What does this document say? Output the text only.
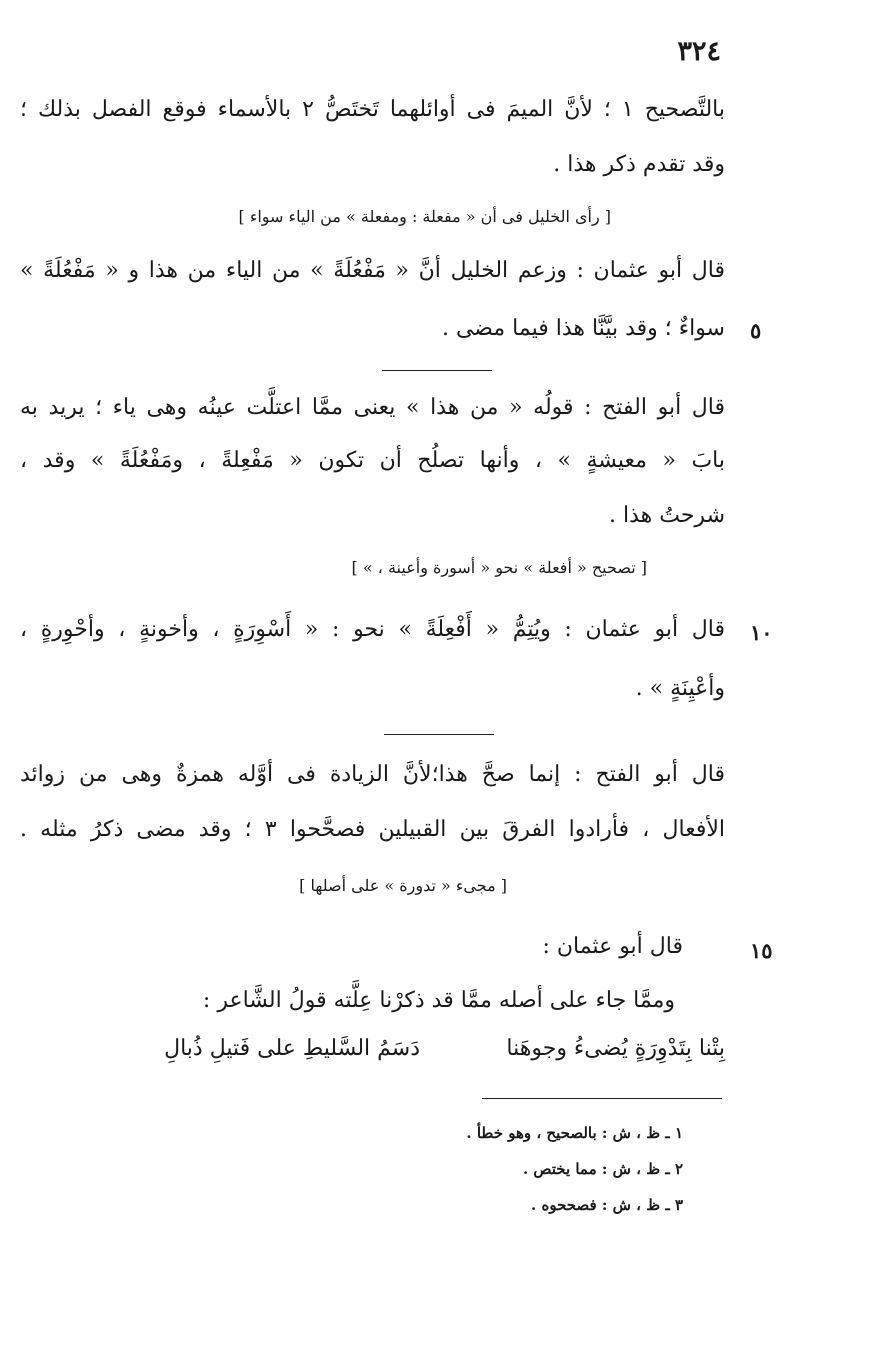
٣٢٤
بالتَّصحيح ١ ؛ لأنَّ الميمَ فى أوائلهما تَختَصُّ ٢ بالأسماء فوقع الفصل بذلك ؛
وقد تقدم ذكر هذا .
[ رأى الخليل فى أن « مفعلة : ومفعلة » من الياء سواء ]
قال أبو عثمان : وزعم الخليل أنَّ « مَفْعُلَةً » من الياء من هذا و « مَفْعُلَةً »
سواءٌ ؛ وقد بيَّنَّا هذا فيما مضى . ٥
قال أبو الفتح : قولُه « من هذا » يعنى ممَّا اعتلَّت عينُه وهى ياء ؛ يريد به
بابَ « معيشةٍ » ، وأنها تصلُح أن تكون « مَفْعِلةً ، ومَفْعُلَةً » وقد ،
شرحتُ هذا .
[ تصحيح « أفعلة » نحو « أسورة وأعينة ، » ]
قال أبو عثمان : ويُتِمُّ « أَفْعِلَةً » نحو : « أَسْوِرَةٍ ، وأخونةٍ ، وأحْوِرةٍ ، ١٠
وأعْيِنَةٍ » .
قال أبو الفتح : إنما صحَّ هذا؛لأنَّ الزيادة فى أوَّله همزةٌ وهى من زوائد
الأفعال ، فأرادوا الفرقَ بين القبيلين فصحَّحوا ٣ ؛ وقد مضى ذكرُ مثله .
[ مجىء « تدورة » على أصلها ]
قال أبو عثمان :	١٥
وممَّا جاء على أصله ممَّا قد ذكرْنا عِلَّته قولُ الشَّاعر :
بِتْنا بِتَدْوِرَةٍ يُضىءُ وجوهَنا
دَسَمُ السَّليطِ على فَتيلِ ذُبالِ
١ ـ ظ ، ش : بالصحيح ، وهو خطأ .
٢ ـ ظ ، ش : مما يختص .
٣ ـ ظ ، ش : فصححوه .
